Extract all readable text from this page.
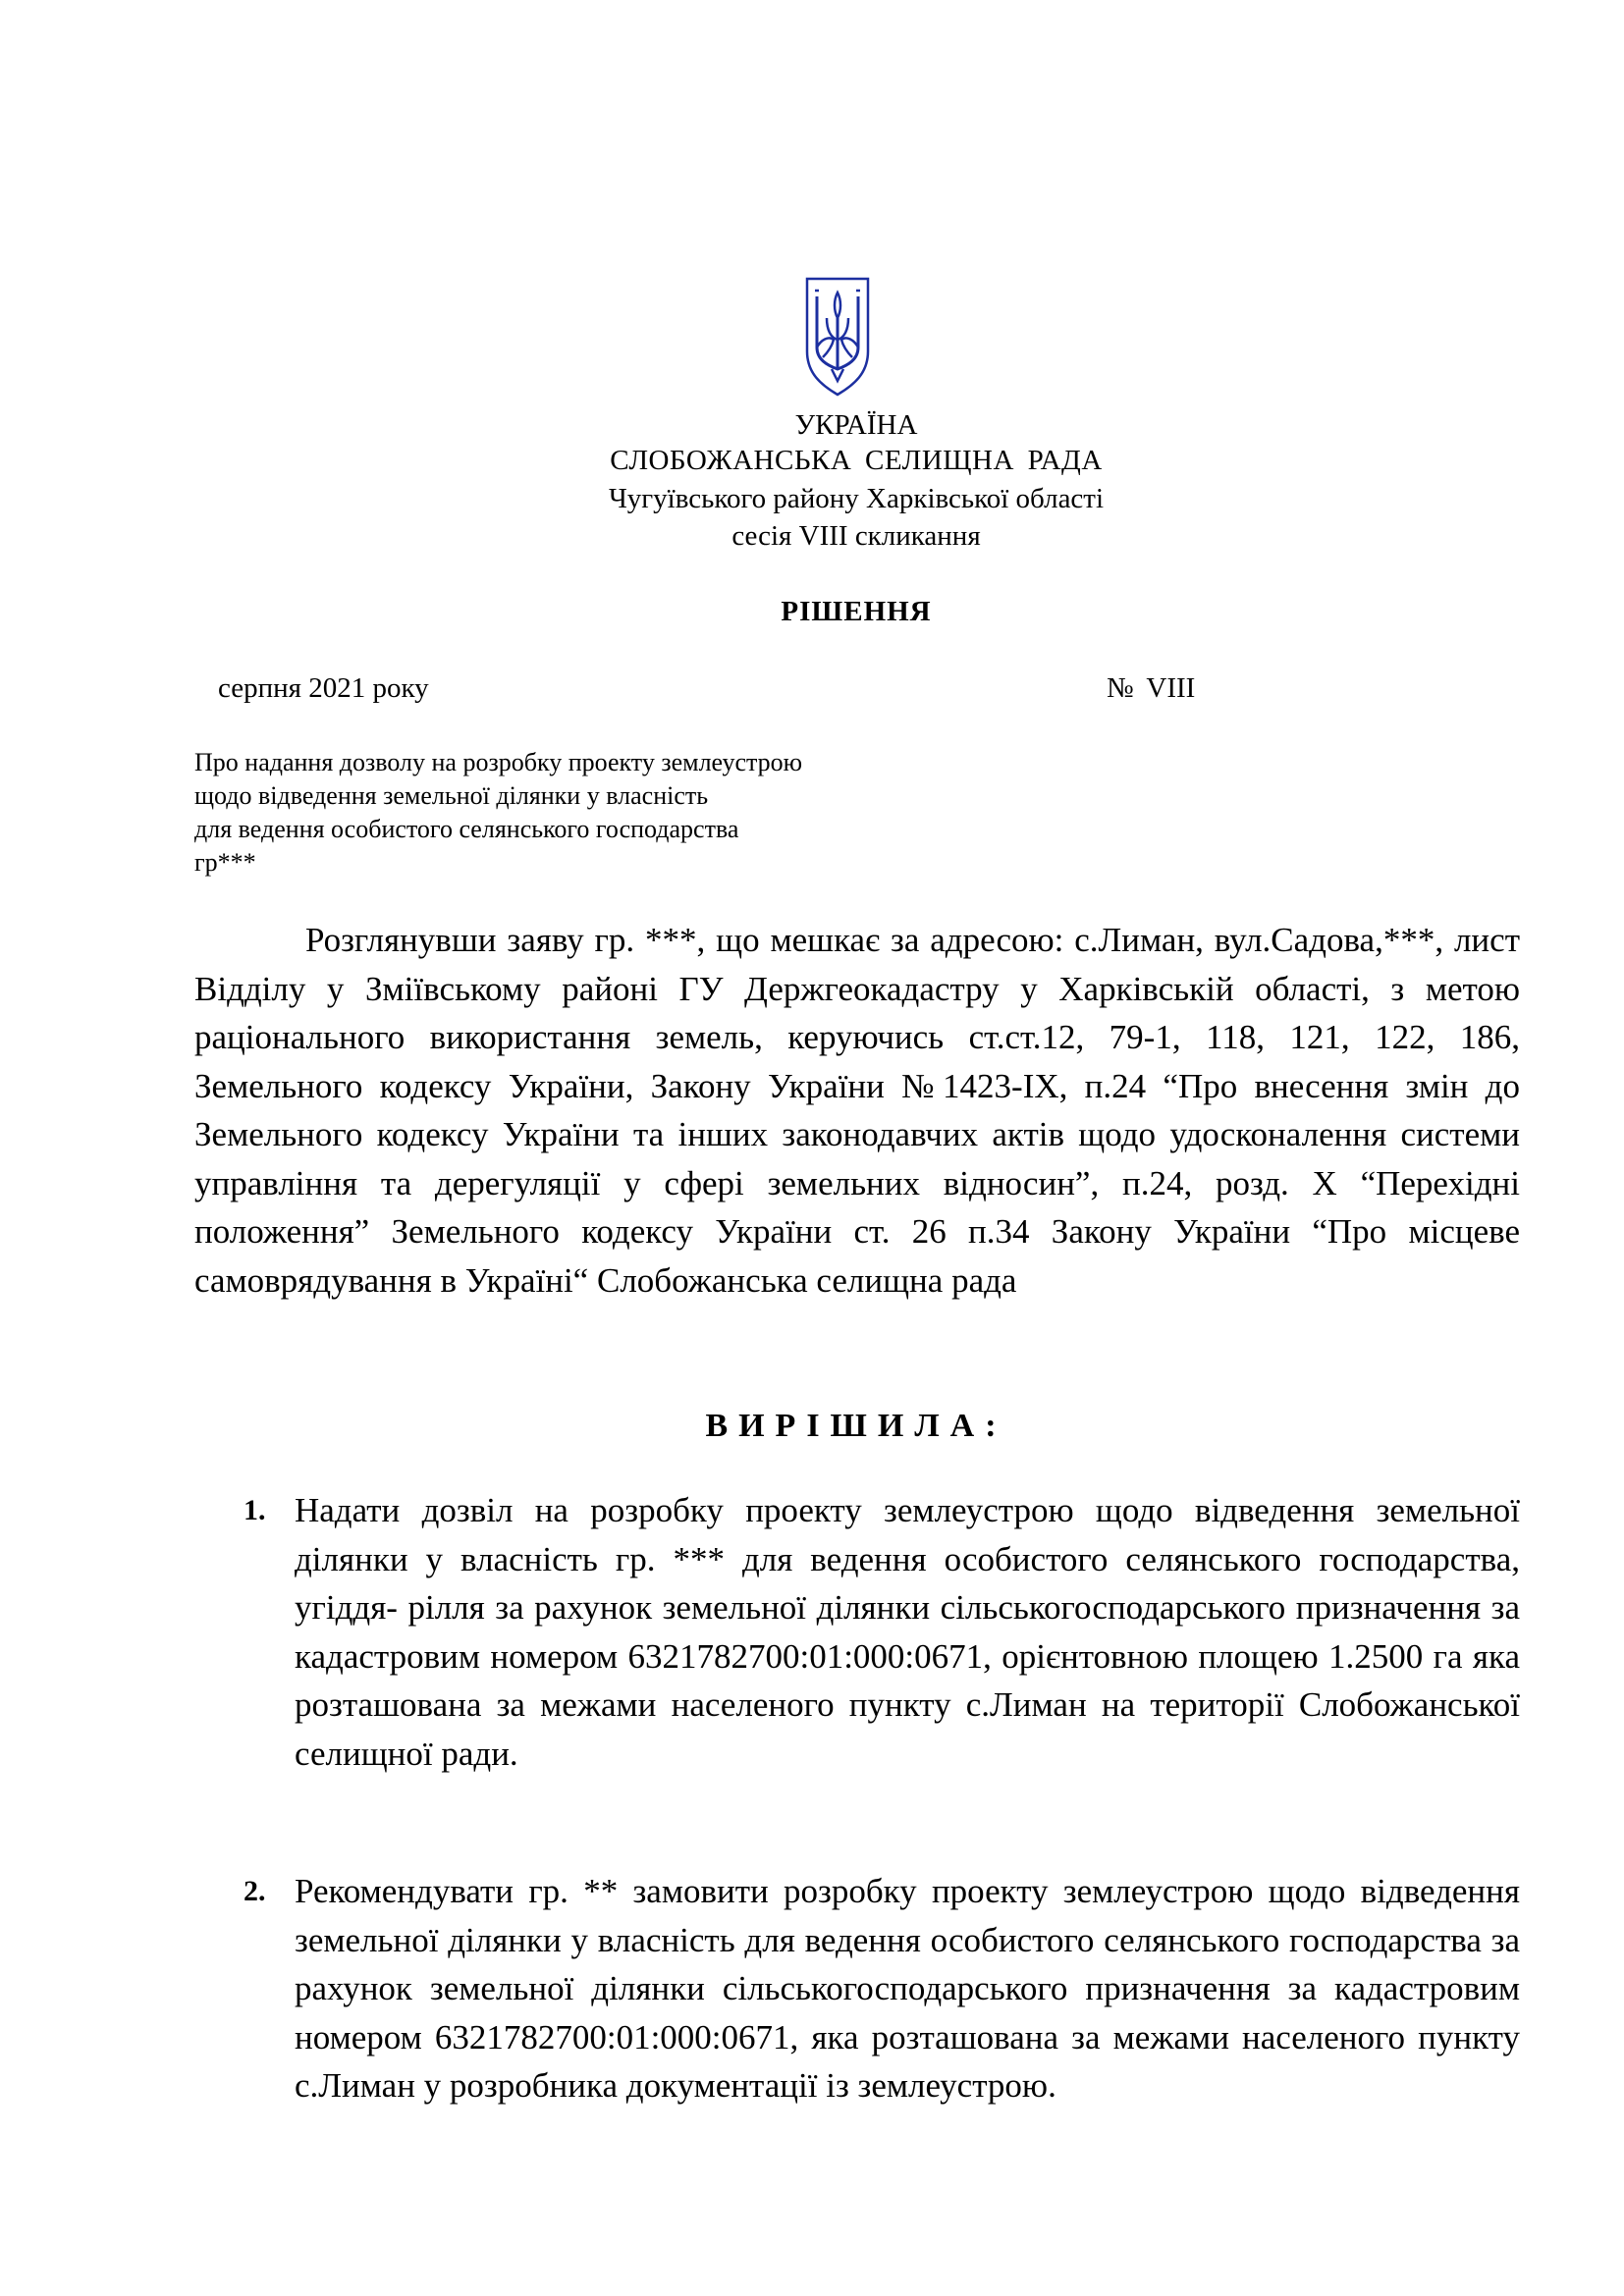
УКРАЇНА
СЛОБОЖАНСЬКА СЕЛИЩНА РАДА
Чугуївського району Харківської області
сесія VIII скликання
РІШЕННЯ
серпня 2021 року	№ VIII
Про надання дозволу на розробку проекту землеустрою
щодо відведення земельної ділянки у власність
для ведення особистого селянського господарства
гр***
Розглянувши заяву гр. ***, що мешкає за адресою: с.Лиман, вул.Садова,***, лист Відділу у Зміївському районі ГУ Держгеокадастру у Харківській області, з метою раціонального використання земель, керуючись ст.ст.12, 79-1, 118, 121, 122, 186, Земельного кодексу України, Закону України №1423-IX, п.24 “Про внесення змін до Земельного кодексу України та інших законодавчих актів щодо удосконалення системи управління та дерегуляції у сфері земельних відносин”, п.24, розд. Х “Перехідні положення” Земельного кодексу України ст. 26 п.34 Закону України “Про місцеве самоврядування в Україні“ Слобожанська селищна рада
ВИРІШИЛА:
1. Надати дозвіл на розробку проекту землеустрою щодо відведення земельної ділянки у власність гр. *** для ведення особистого селянського господарства, угіддя- рілля за рахунок земельної ділянки сільськогосподарського призначення за кадастровим номером 6321782700:01:000:0671, орієнтовною площею 1.2500 га яка розташована за межами населеного пункту с.Лиман на території Слобожанської селищної ради.
2. Рекомендувати гр. ** замовити розробку проекту землеустрою щодо відведення земельної ділянки у власність для ведення особистого селянського господарства за рахунок земельної ділянки сільськогосподарського призначення за кадастровим номером 6321782700:01:000:0671, яка розташована за межами населеного пункту с.Лиман у розробника документації із землеустрою.
